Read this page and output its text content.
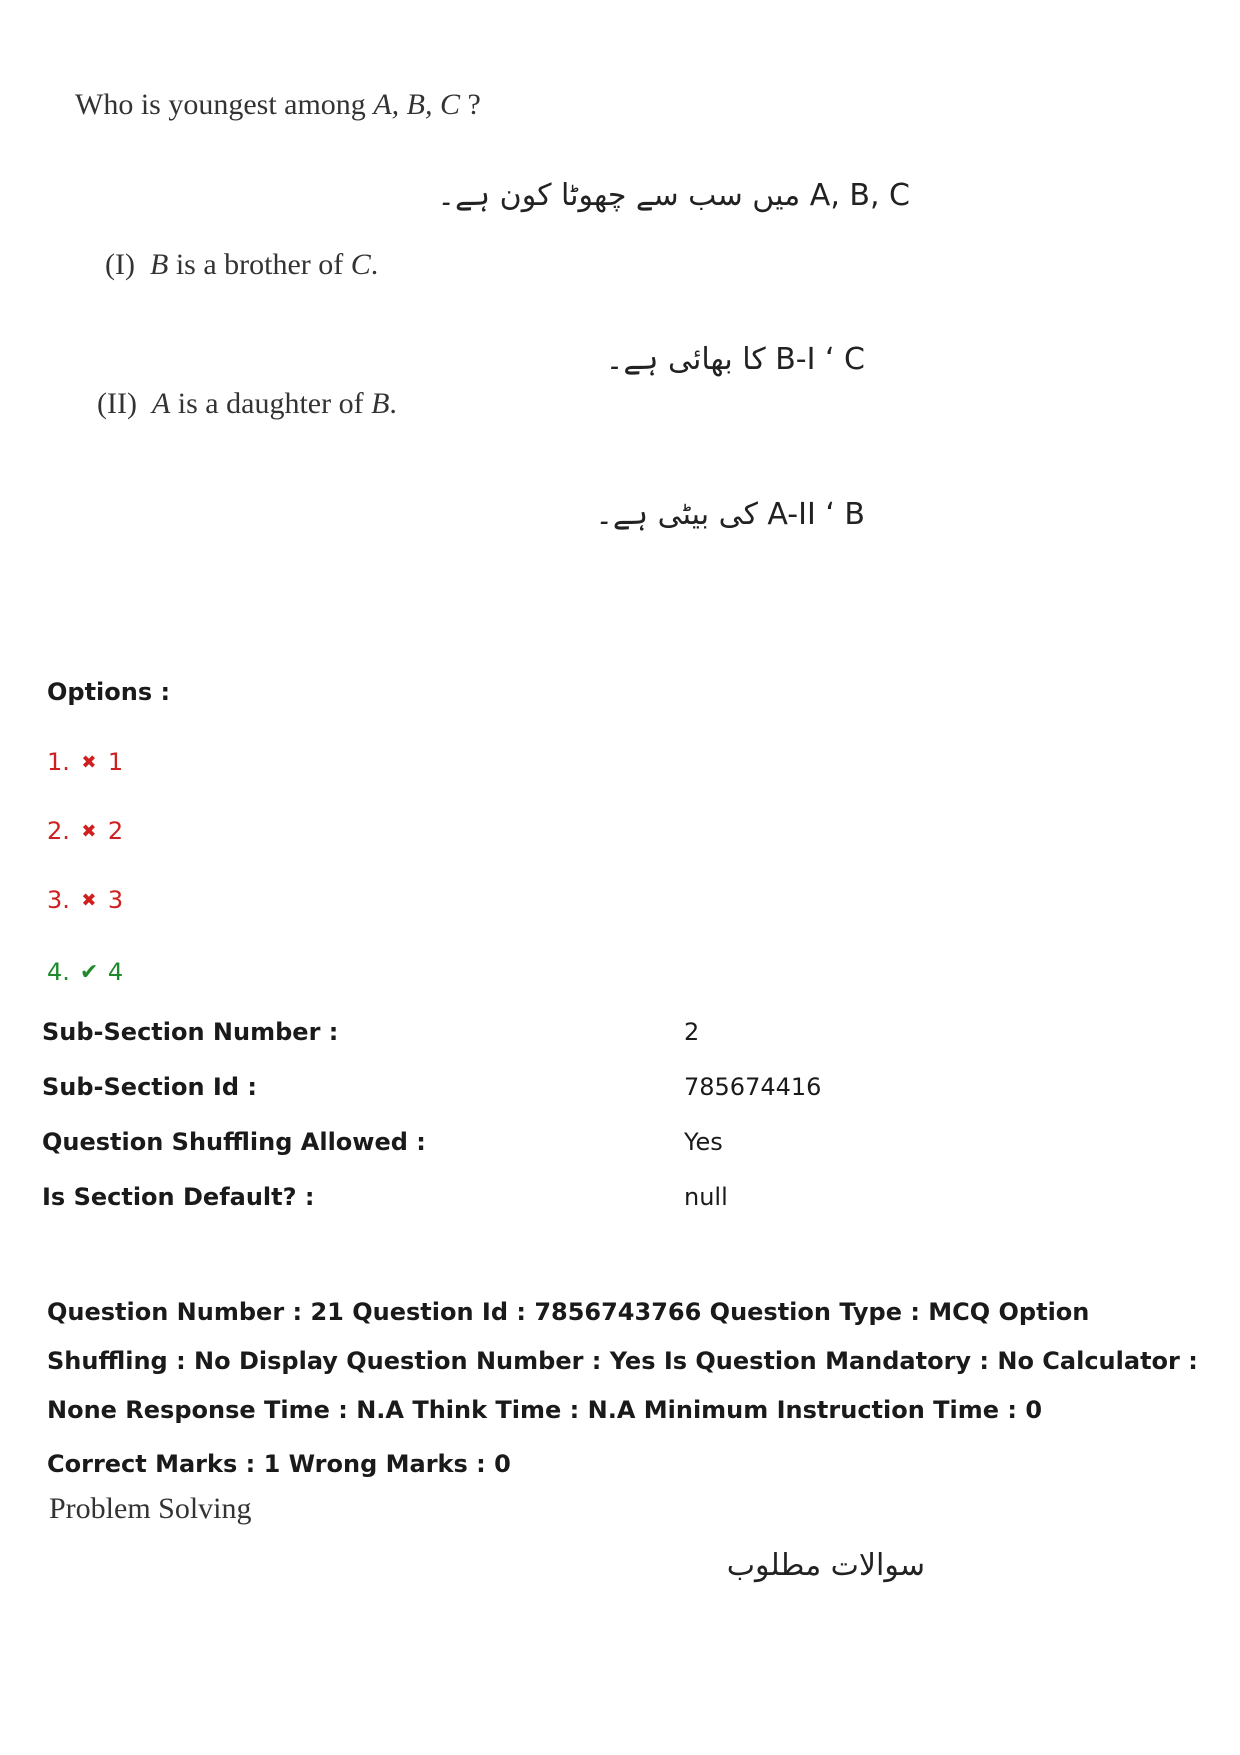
Who is youngest among A, B, C ?
A, B, C میں سب سے چھوٹا کون ہے۔
(I) B is a brother of C.
B-I ‘ C کا بھائی ہے۔
(II) A is a daughter of B.
A-II ‘ B کی بیٹی ہے۔
Options :
1. ✖ 1
2. ✖ 2
3. ✖ 3
4. ✔ 4
Sub-Section Number :	2
Sub-Section Id :	785674416
Question Shuffling Allowed :	Yes
Is Section Default? :	null
Question Number : 21 Question Id : 7856743766 Question Type : MCQ Option Shuffling : No Display Question Number : Yes Is Question Mandatory : No Calculator : None Response Time : N.A Think Time : N.A Minimum Instruction Time : 0
Correct Marks : 1 Wrong Marks : 0
Problem Solving
سوالات مطلوب
